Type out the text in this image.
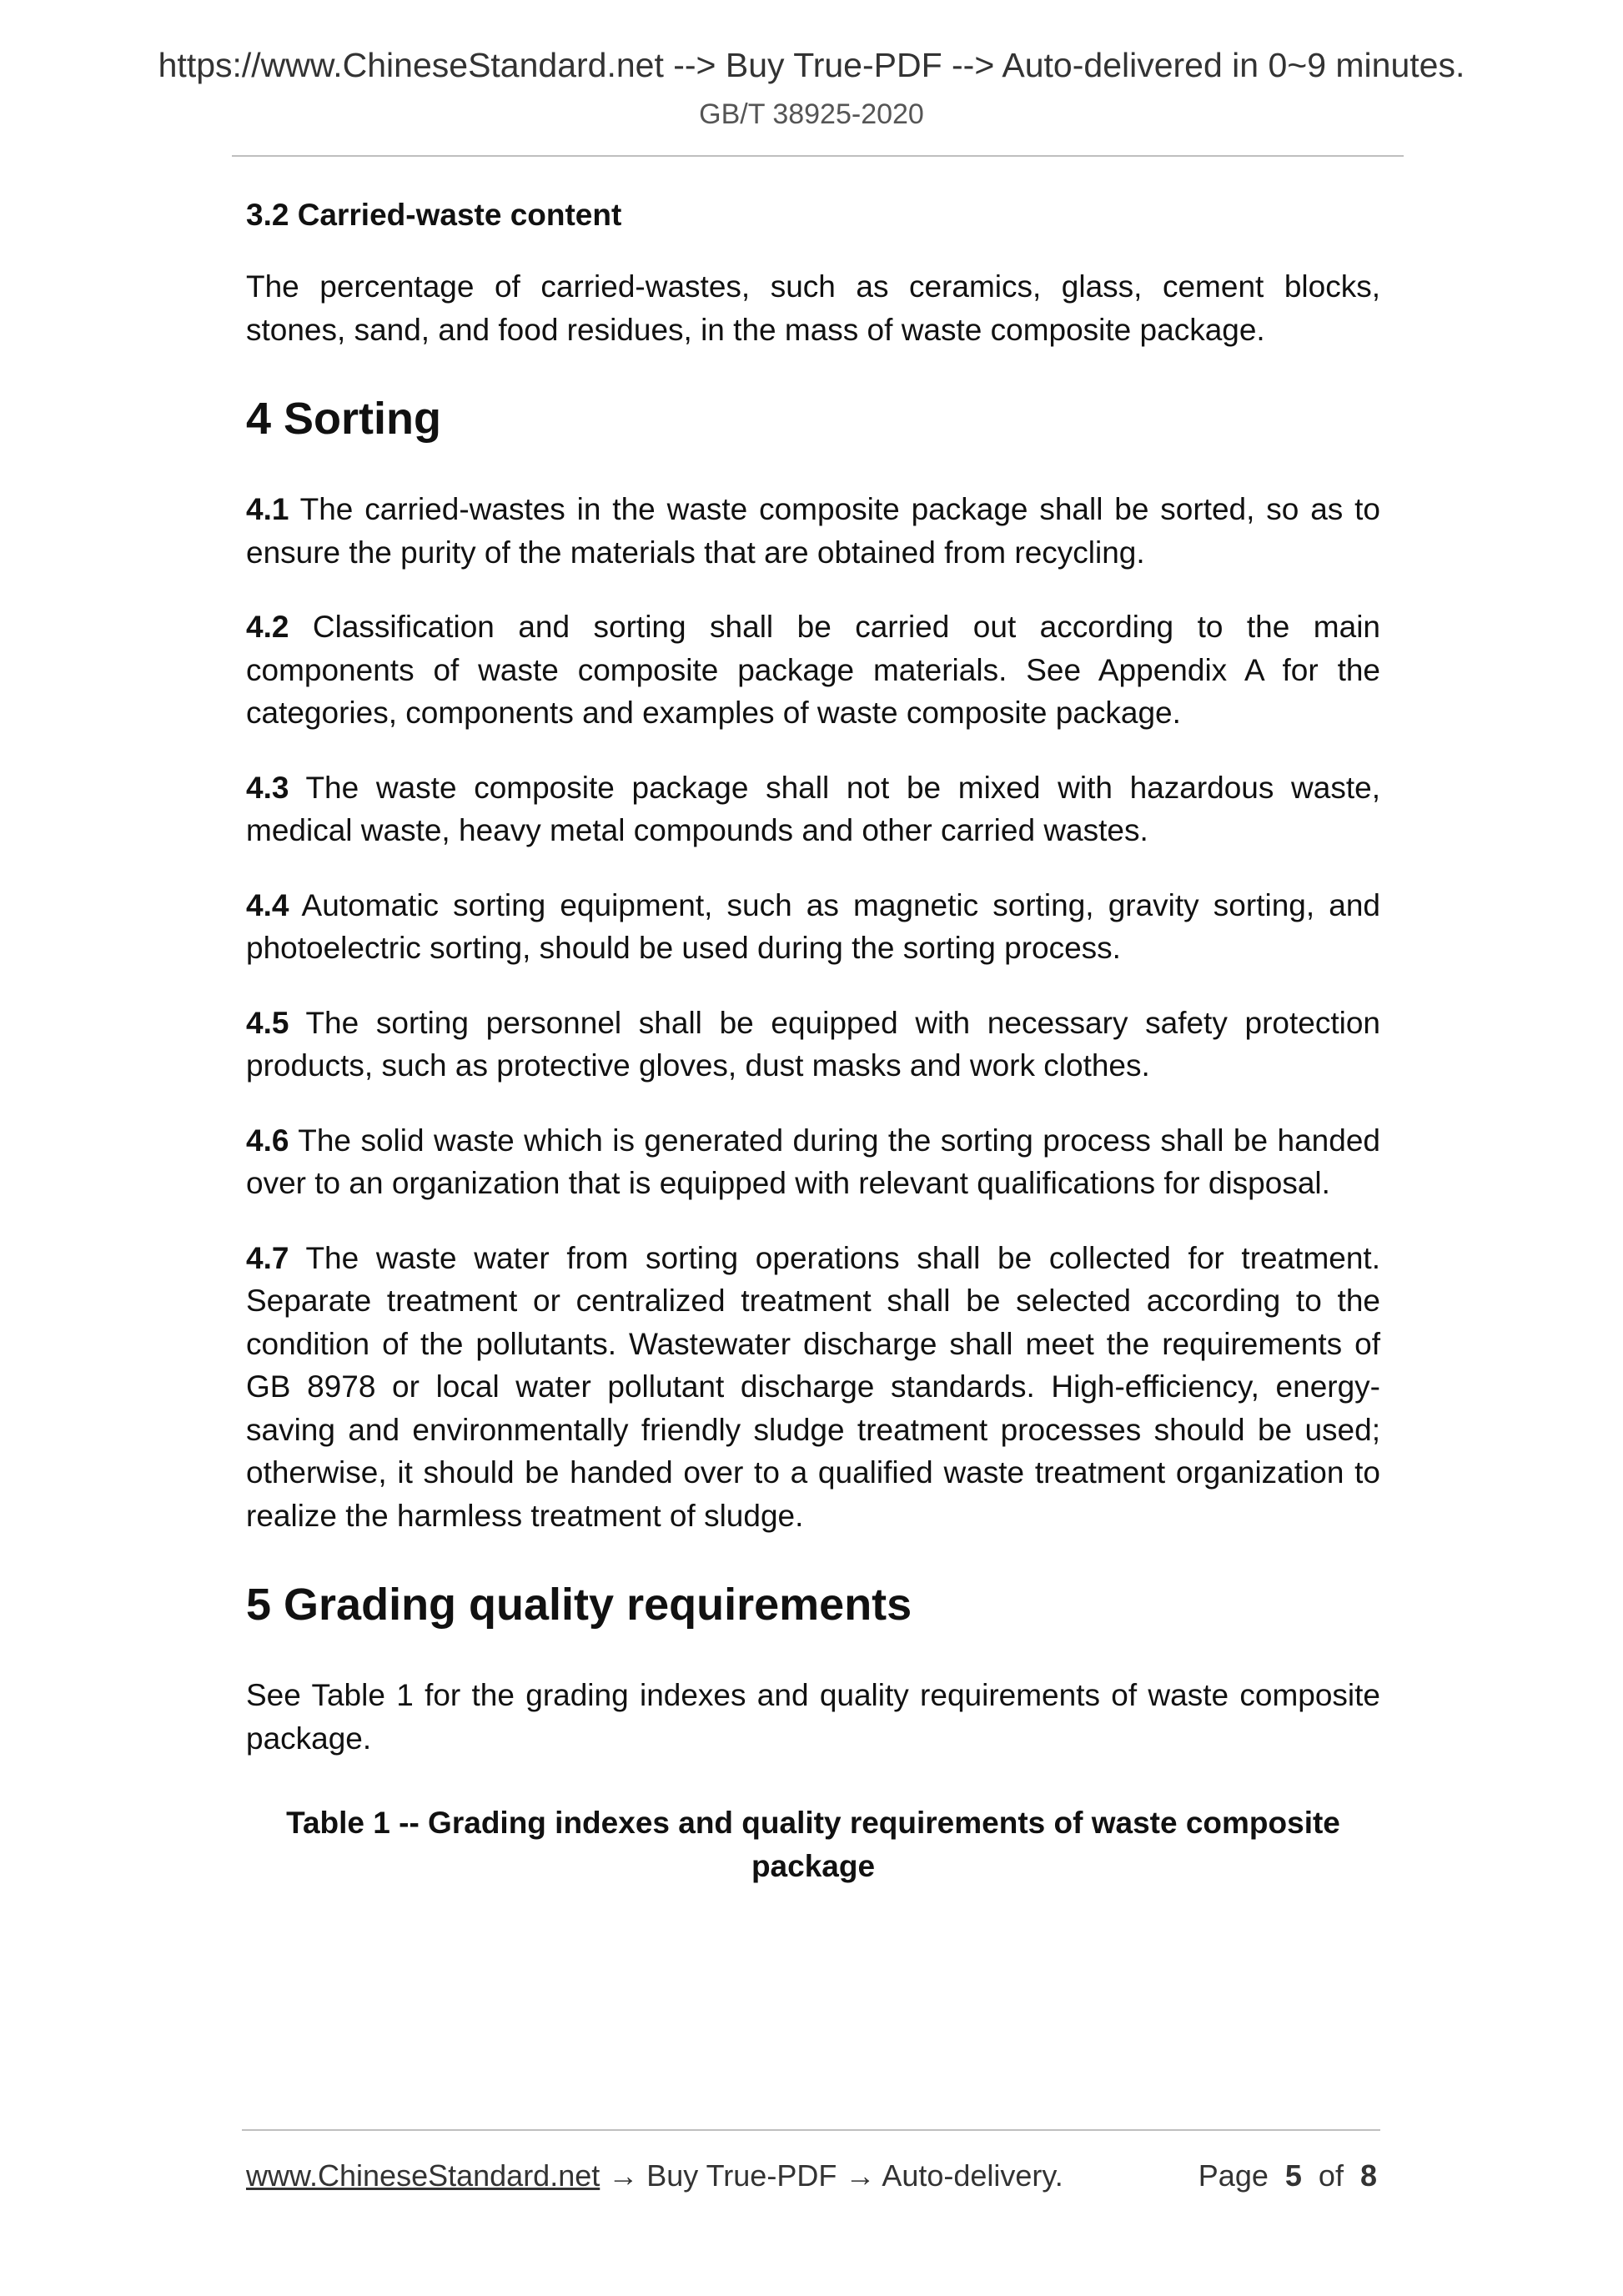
https://www.ChineseStandard.net --> Buy True-PDF --> Auto-delivered in 0~9 minutes.
GB/T 38925-2020
3.2 Carried-waste content

The percentage of carried-wastes, such as ceramics, glass, cement blocks, stones, sand, and food residues, in the mass of waste composite package.

4 Sorting

4.1 The carried-wastes in the waste composite package shall be sorted, so as to ensure the purity of the materials that are obtained from recycling.

4.2 Classification and sorting shall be carried out according to the main components of waste composite package materials. See Appendix A for the categories, components and examples of waste composite package.

4.3 The waste composite package shall not be mixed with hazardous waste, medical waste, heavy metal compounds and other carried wastes.

4.4 Automatic sorting equipment, such as magnetic sorting, gravity sorting, and photoelectric sorting, should be used during the sorting process.

4.5 The sorting personnel shall be equipped with necessary safety protection products, such as protective gloves, dust masks and work clothes.

4.6 The solid waste which is generated during the sorting process shall be handed over to an organization that is equipped with relevant qualifications for disposal.

4.7 The waste water from sorting operations shall be collected for treatment. Separate treatment or centralized treatment shall be selected according to the condition of the pollutants. Wastewater discharge shall meet the requirements of GB 8978 or local water pollutant discharge standards. High-efficiency, energy-saving and environmentally friendly sludge treatment processes should be used; otherwise, it should be handed over to a qualified waste treatment organization to realize the harmless treatment of sludge.

5 Grading quality requirements

See Table 1 for the grading indexes and quality requirements of waste composite package.

Table 1 -- Grading indexes and quality requirements of waste composite package
www.ChineseStandard.net → Buy True-PDF → Auto-delivery.	Page 5 of 8
